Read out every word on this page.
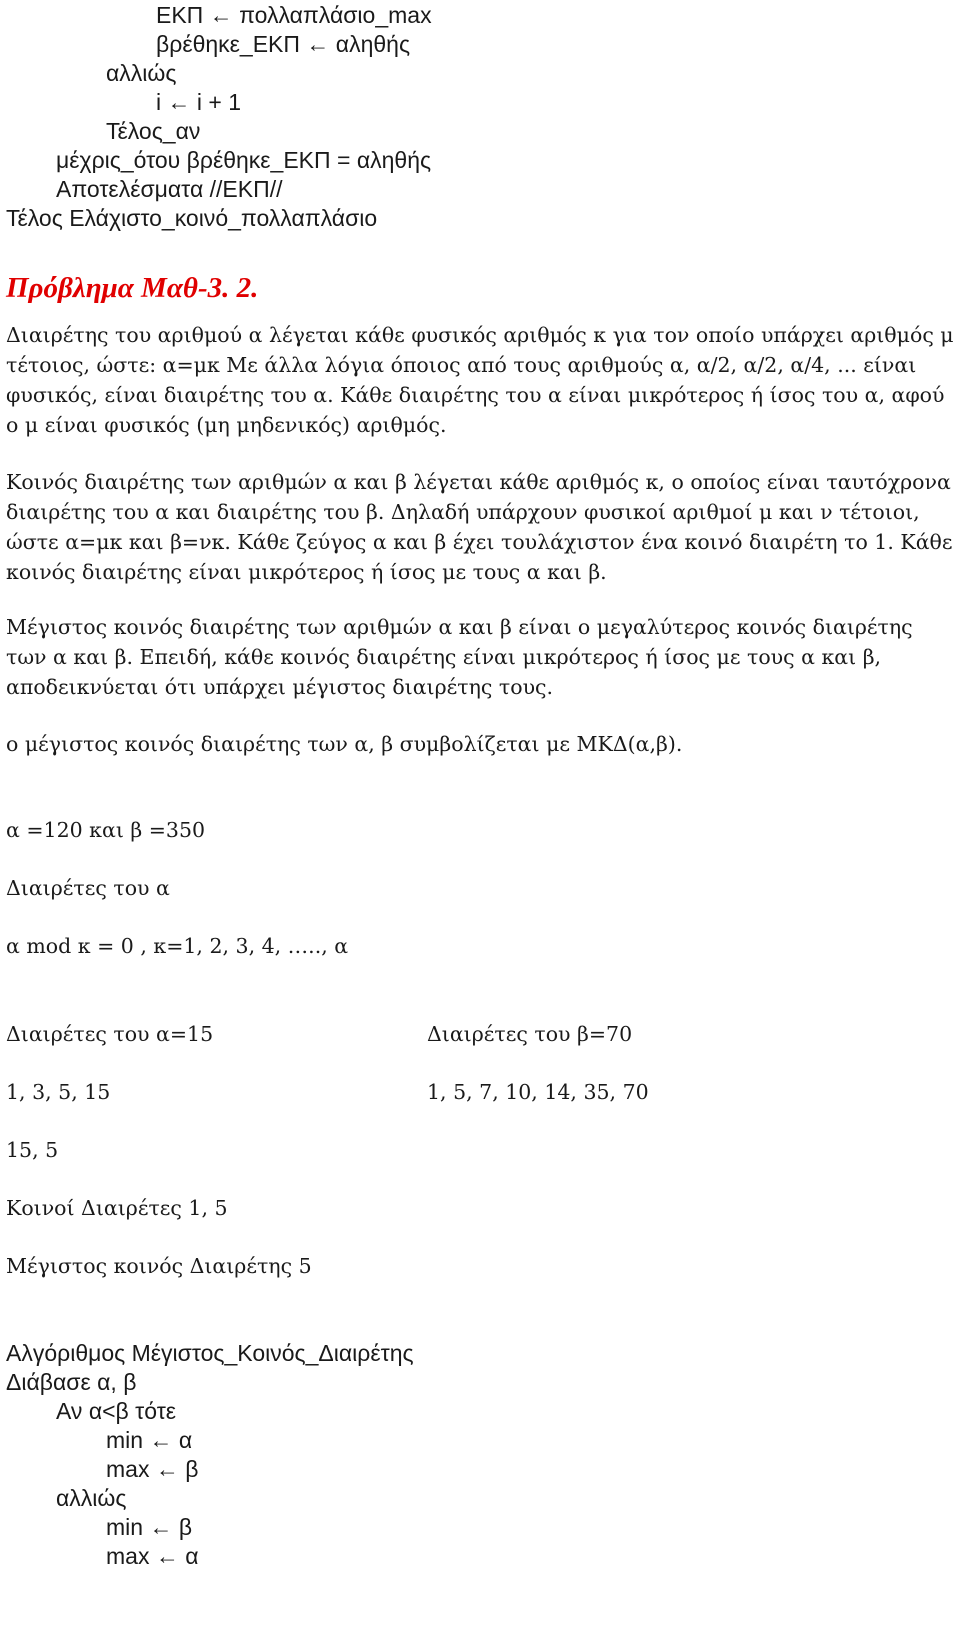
ΕΚΠ ← πολλαπλάσιο_max
βρέθηκε_ΕΚΠ ← αληθής
αλλιώς
i ← i + 1
Τέλος_αν
μέχρις_ότου βρέθηκε_ΕΚΠ = αληθής
Αποτελέσματα //ΕΚΠ//
Τέλος Ελάχιστο_κοινό_πολλαπλάσιο
Πρόβλημα Μαθ-3. 2.

Διαιρέτης του αριθμού α λέγεται κάθε φυσικός αριθμός κ για τον οποίο υπάρχει αριθμός μ τέτοιος, ώστε: α=μκ Με άλλα λόγια όποιος από τους αριθμούς α, α/2, α/2, α/4, ... είναι φυσικός, είναι διαιρέτης του α. Κάθε διαιρέτης του α είναι μικρότερος ή ίσος του α, αφού ο μ είναι φυσικός (μη μηδενικός) αριθμός.

Κοινός διαιρέτης των αριθμών α και β λέγεται κάθε αριθμός κ, ο οποίος είναι ταυτόχρονα διαιρέτης του α και διαιρέτης του β. Δηλαδή υπάρχουν φυσικοί αριθμοί μ και ν τέτοιοι, ώστε α=μκ και β=νκ. Κάθε ζεύγος α και β έχει τουλάχιστον ένα κοινό διαιρέτη το 1. Κάθε κοινός διαιρέτης είναι μικρότερος ή ίσος με τους α και β.

Μέγιστος κοινός διαιρέτης των αριθμών α και β είναι ο μεγαλύτερος κοινός διαιρέτης των α και β. Επειδή, κάθε κοινός διαιρέτης είναι μικρότερος ή ίσος με τους α και β, αποδεικνύεται ότι υπάρχει μέγιστος διαιρέτης τους.

ο μέγιστος κοινός διαιρέτης των α, β συμβολίζεται με ΜΚΔ(α,β).

α =120 και β =350
Διαιρέτες του α
α mod κ = 0 , κ=1, 2, 3, 4, ….., α
Διαιρέτες του α=15	Διαιρέτες του β=70
1, 3, 5, 15	1, 5, 7, 10, 14, 35, 70
15, 5
Κοινοί Διαιρέτες 1, 5
Μέγιστος κοινός Διαιρέτης 5
Αλγόριθμος Μέγιστος_Κοινός_Διαιρέτης
Διάβασε α, β
Αν α<β τότε
min ← α
max ← β
αλλιώς
min ← β
max ← α
